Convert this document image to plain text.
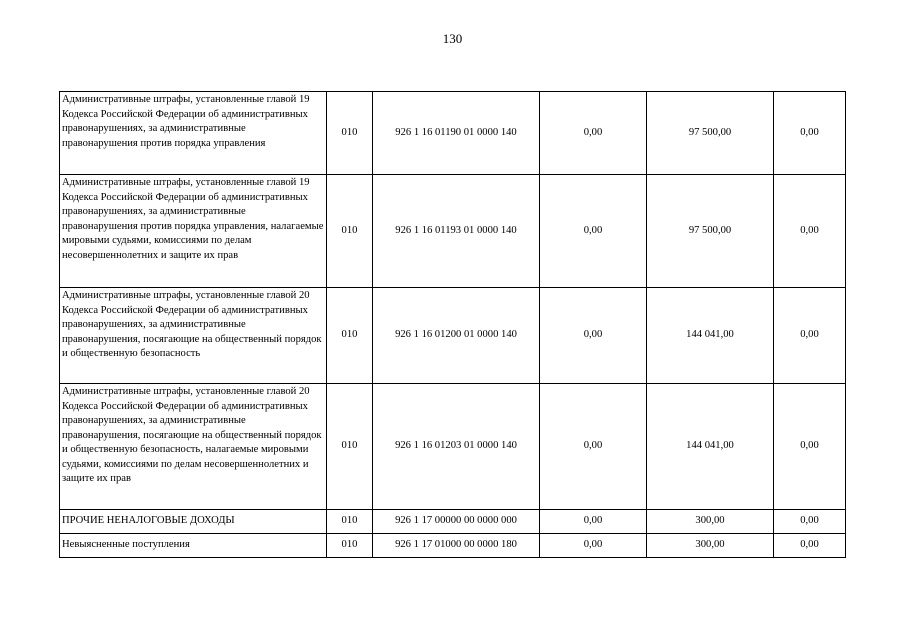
130
Административные штрафы, установленные главой 19 Кодекса Российской Федерации об административных правонарушениях, за административные правонарушения против порядка управления	010	926 1 16 01190 01 0000 140	0,00	97 500,00	0,00
Административные штрафы, установленные главой 19 Кодекса Российской Федерации об административных правонарушениях, за административные правонарушения против порядка управления, налагаемые мировыми судьями, комиссиями по делам несовершеннолетних и защите их прав	010	926 1 16 01193 01 0000 140	0,00	97 500,00	0,00
Административные штрафы, установленные главой 20 Кодекса Российской Федерации об административных правонарушениях, за административные правонарушения, посягающие на общественный порядок и общественную безопасность	010	926 1 16 01200 01 0000 140	0,00	144 041,00	0,00
Административные штрафы, установленные главой 20 Кодекса Российской Федерации об административных правонарушениях, за административные правонарушения, посягающие на общественный порядок и общественную безопасность, налагаемые мировыми судьями, комиссиями по делам несовершеннолетних и защите их прав	010	926 1 16 01203 01 0000 140	0,00	144 041,00	0,00
ПРОЧИЕ НЕНАЛОГОВЫЕ ДОХОДЫ	010	926 1 17 00000 00 0000 000	0,00	300,00	0,00
Невыясненные поступления	010	926 1 17 01000 00 0000 180	0,00	300,00	0,00
